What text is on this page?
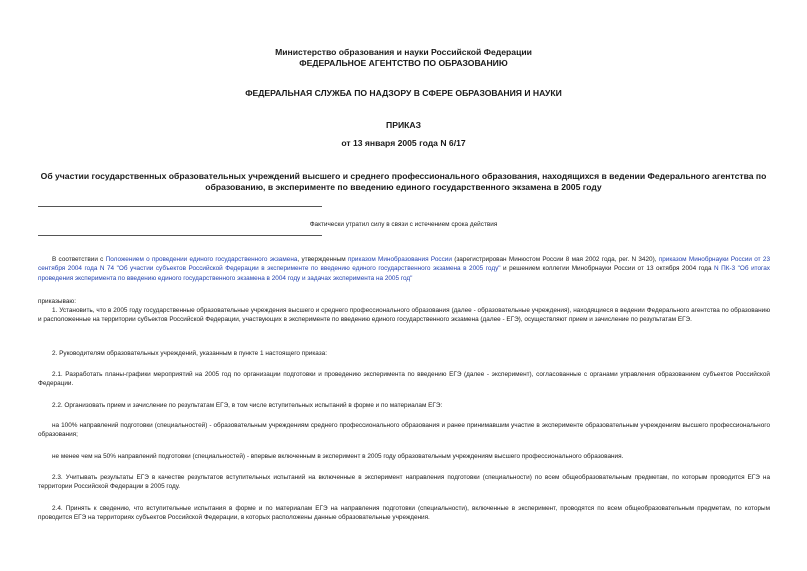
Министерство образования и науки Российской Федерации
ФЕДЕРАЛЬНОЕ АГЕНТСТВО ПО ОБРАЗОВАНИЮ
ФЕДЕРАЛЬНАЯ СЛУЖБА ПО НАДЗОРУ В СФЕРЕ ОБРАЗОВАНИЯ И НАУКИ
ПРИКАЗ
от 13 января 2005 года N 6/17
Об участии государственных образовательных учреждений высшего и среднего профессионального образования, находящихся в ведении Федерального агентства по образованию, в эксперименте по введению единого государственного экзамена в 2005 году
Фактически утратил силу в связи с истечением срока действия
В соответствии с Положением о проведении единого государственного экзамена, утвержденным приказом Минобразования России (зарегистрирован Минюстом России 8 мая 2002 года, рег. N 3420), приказом Минобрнауки России от 23 сентября 2004 года N 74 "Об участии субъектов Российской Федерации в эксперименте по введению единого государственного экзамена в 2005 году" и решением коллегии Минобрнауки России от 13 октября 2004 года N ПК-3 "Об итогах проведения эксперимента по введению единого государственного экзамена в 2004 году и задачах эксперимента на 2005 год"
приказываю:
1. Установить, что в 2005 году государственные образовательные учреждения высшего и среднего профессионального образования (далее - образовательные учреждения), находящиеся в ведении Федерального агентства по образованию и расположенные на территории субъектов Российской Федерации, участвующих в эксперименте по введению единого государственного экзамена (далее - ЕГЭ), осуществляют прием и зачисление по результатам ЕГЭ.
2. Руководителям образовательных учреждений, указанным в пункте 1 настоящего приказа:
2.1. Разработать планы-графики мероприятий на 2005 год по организации подготовки и проведению эксперимента по введению ЕГЭ (далее - эксперимент), согласованные с органами управления образованием субъектов Российской Федерации.
2.2. Организовать прием и зачисление по результатам ЕГЭ, в том числе вступительных испытаний в форме и по материалам ЕГЭ:
на 100% направлений подготовки (специальностей) - образовательным учреждениям среднего профессионального образования и ранее принимавшим участие в эксперименте образовательным учреждениям высшего профессионального образования;
не менее чем на 50% направлений подготовки (специальностей) - впервые включенным в эксперимент в 2005 году образовательным учреждениям высшего профессионального образования.
2.3. Учитывать результаты ЕГЭ в качестве результатов вступительных испытаний на включенные в эксперимент направления подготовки (специальности) по всем общеобразовательным предметам, по которым проводится ЕГЭ на территории Российской Федерации в 2005 году.
2.4. Принять к сведению, что вступительные испытания в форме и по материалам ЕГЭ на направления подготовки (специальности), включенные в эксперимент, проводятся по всем общеобразовательным предметам, по которым проводится ЕГЭ на территориях субъектов Российской Федерации, в которых расположены данные образовательные учреждения.
